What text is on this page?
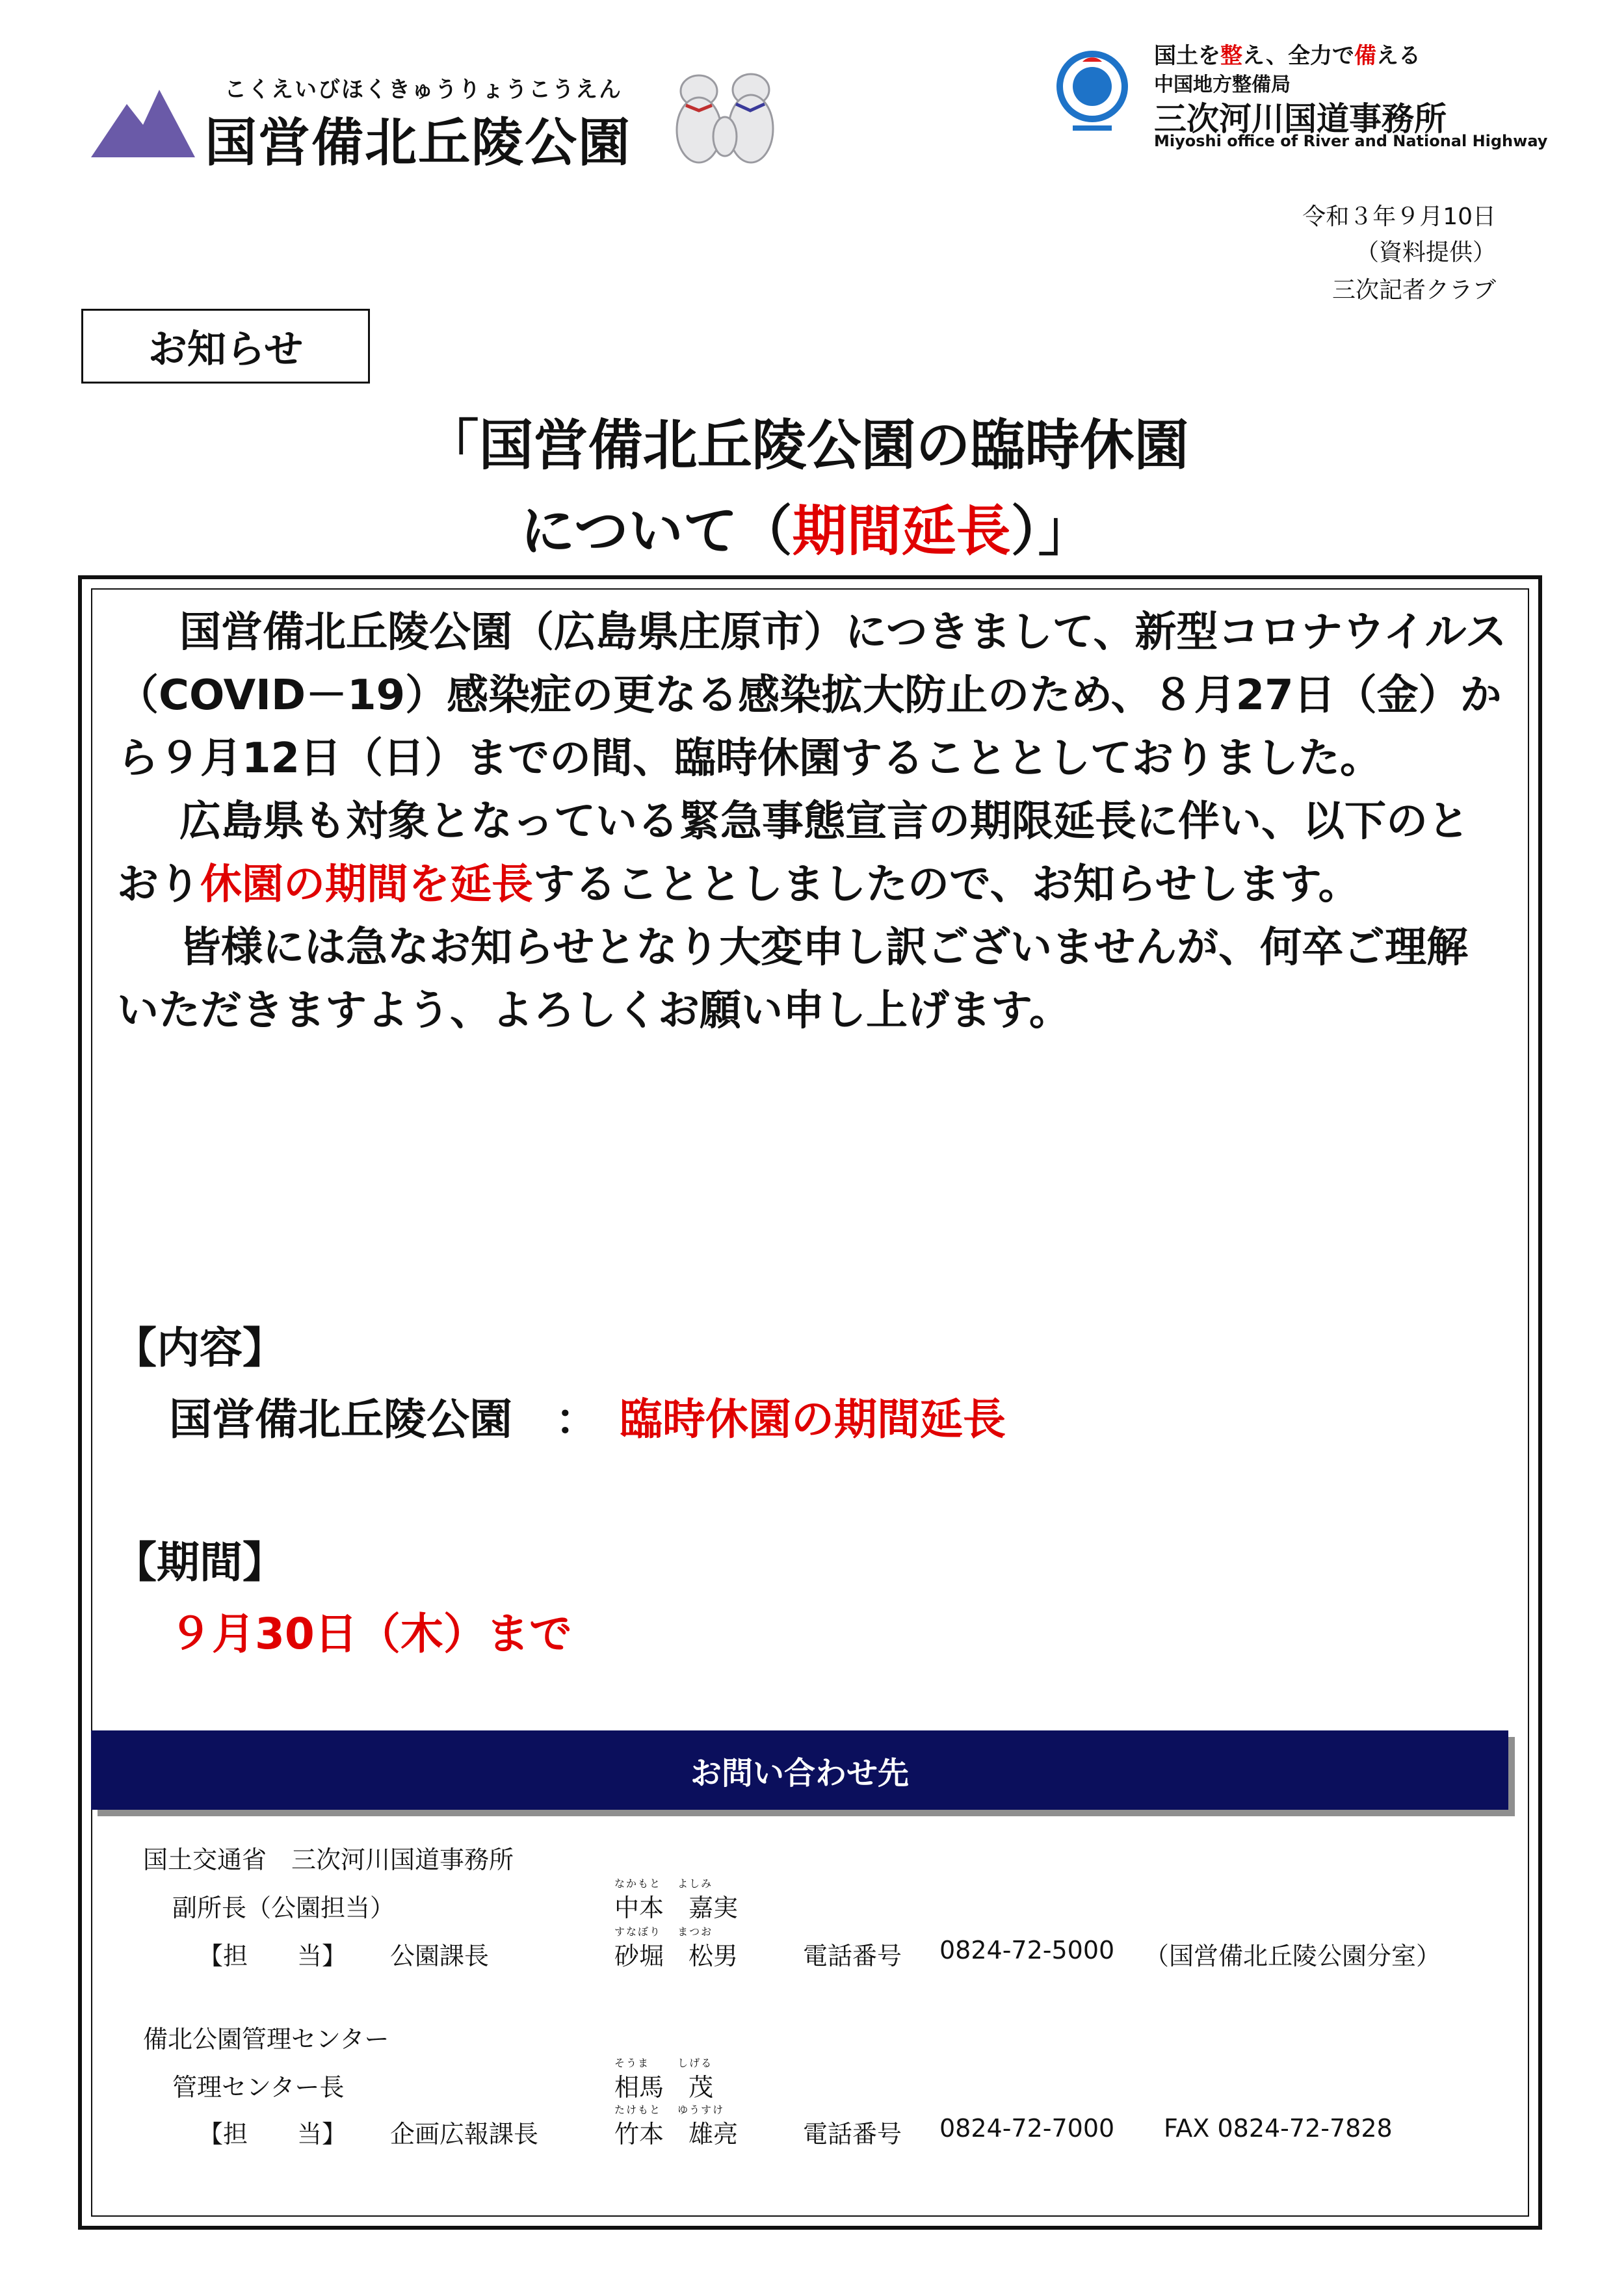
こくえいびほくきゅうりょうこうえん
国営備北丘陵公園
国土を整え、全力で備える
中国地方整備局
三次河川国道事務所
Miyoshi office of River and National Highway
令和３年９月10日
（資料提供）
三次記者クラブ
お知らせ
「国営備北丘陵公園の臨時休園
について（期間延長）」

国営備北丘陵公園（広島県庄原市）につきまして、新型コロナウイルス（COVID－19）感染症の更なる感染拡大防止のため、８月27日（金）から９月12日（日）までの間、臨時休園することとしておりました。

広島県も対象となっている緊急事態宣言の期限延長に伴い、以下のとおり休園の期間を延長することとしましたので、お知らせします。

皆様には急なお知らせとなり大変申し訳ございませんが、何卒ご理解いただきますよう、よろしくお願い申し上げます。

【内容】
国営備北丘陵公園　：　 臨時休園の期間延長
【期間】
９月30日（木）まで
お問い合わせ先
国土交通省　三次河川国道事務所
副所長（公園担当）
なかもと　 よしみ
中本　嘉実
【担　　当】 公園課長
すなぼり　 まつお
砂堀　松男	電話番号 0824-72-5000 （国営備北丘陵公園分室）
備北公園管理センター
管理センター長
そうま　　 しげる
相馬　茂
【担　　当】 企画広報課長
たけもと　 ゆうすけ
竹本　雄亮	電話番号 0824-72-7000 FAX 0824-72-7828
